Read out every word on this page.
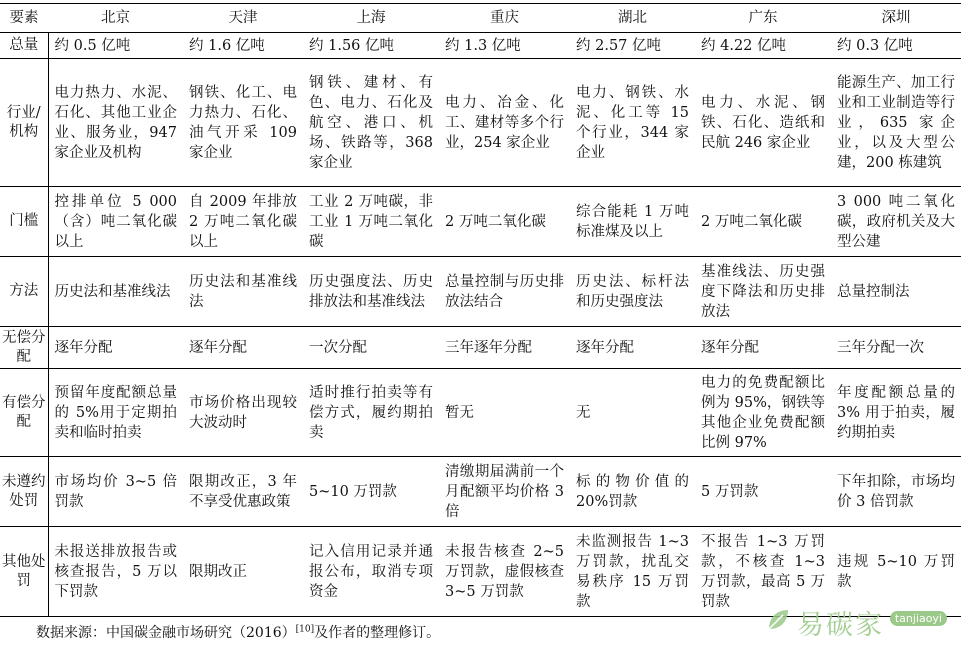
要素	北京	天津	上海	重庆	湖北	广东	深圳
总量	约 0.5 亿吨	约 1.6 亿吨	约 1.56 亿吨	约 1.3 亿吨	约 2.57 亿吨	约 4.22 亿吨	约 0.3 亿吨
行业/机构	电力热力、水泥、石化、其他工业企业、服务业，947 家企业及机构	钢铁、化工、电力热力、石化、油气开采 109 家企业	钢铁、建材、有色、电力、石化及航空、港口、机场、铁路等，368 家企业	电力、冶金、化工、建材等多个行业，254 家企业	电力、钢铁、水泥、化工等 15 个行业，344 家企业	电力、水泥、钢铁、石化、造纸和民航 246 家企业	能源生产、加工行业和工业制造等行业，635 家企业，以及大型公建，200 栋建筑
门槛	控排单位 5 000（含）吨二氧化碳以上	自 2009 年排放 2 万吨二氧化碳以上	工业 2 万吨碳，非工业 1 万吨二氧化碳	2 万吨二氧化碳	综合能耗 1 万吨标准煤及以上	2 万吨二氧化碳	3 000 吨二氧化碳，政府机关及大型公建
方法	历史法和基准线法	历史法和基准线法	历史强度法、历史排放法和基准线法	总量控制与历史排放法结合	历史法、标杆法和历史强度法	基准线法、历史强度下降法和历史排放法	总量控制法
无偿分配	逐年分配	逐年分配	一次分配	三年逐年分配	逐年分配	逐年分配	三年分配一次
有偿分配	预留年度配额总量的 5%用于定期拍卖和临时拍卖	市场价格出现较大波动时	适时推行拍卖等有偿方式，履约期拍卖	暂无	无	电力的免费配额比例为 95%，钢铁等其他企业免费配额比例 97%	年度配额总量的 3% 用于拍卖，履约期拍卖
未遵约处罚	市场均价 3~5 倍罚款	限期改正，3 年不享受优惠政策	5~10 万罚款	清缴期届满前一个月配额平均价格 3 倍	标的物价值的 20%罚款	5 万罚款	下年扣除，市场均价 3 倍罚款
其他处罚	未报送排放报告或核查报告，5 万以下罚款	限期改正	记入信用记录并通报公布，取消专项资金	未报告核查 2~5 万罚款，虚假核查 3~5 万罚款	未监测报告 1~3 万罚款，扰乱交易秩序 15 万罚款	不报告 1~3 万罚款，不核查 1~3 万罚款，最高 5 万罚款	违规 5~10 万罚款
数据来源：中国碳金融市场研究（2016）[10]及作者的整理修订。	易碳家 tanjiaoyi
